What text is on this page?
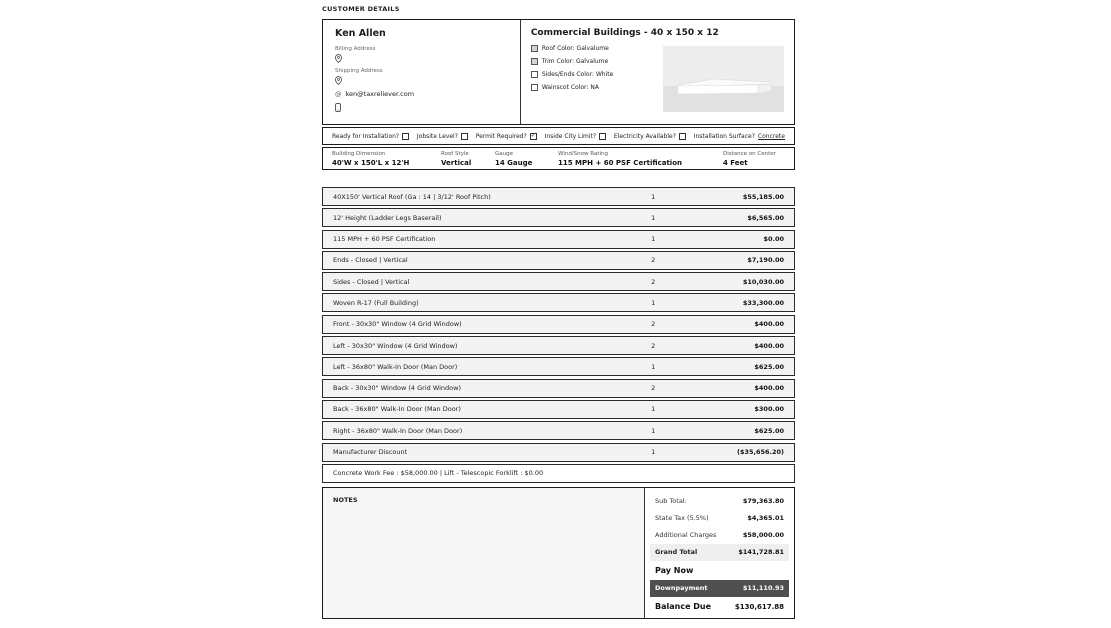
CUSTOMER DETAILS
Ken Allen
Billing Address
Shipping Address
@ ken@taxreliever.com
Commercial Buildings - 40 x 150 x 12
Roof Color: Galvalume
Trim Color: Galvalume
Sides/Ends Color: White
Wainscot Color: NA
Ready for Installation?	Jobsite Level?	Permit Required? ✓ Inside City Limit?	Electricity Available?	Installation Surface? Concrete
Building Dimension
40'W x 150'L x 12'H
Roof Style
Vertical
Gauge
14 Gauge
Wind/Snow Rating
115 MPH + 60 PSF Certification
Distance on Center
4 Feet
40X150' Vertical Roof (Ga : 14 | 3/12' Roof Pitch)	1	$55,185.00
12' Height (Ladder Legs Baserail)	1	$6,565.00
115 MPH + 60 PSF Certification	1	$0.00
Ends - Closed | Vertical	2	$7,190.00
Sides - Closed | Vertical	2	$10,030.00
Woven R-17 (Full Building)	1	$33,300.00
Front - 30x30" Window (4 Grid Window)	2	$400.00
Left - 30x30" Window (4 Grid Window)	2	$400.00
Left - 36x80" Walk-In Door (Man Door)	1	$625.00
Back - 30x30" Window (4 Grid Window)	2	$400.00
Back - 36x80" Walk-In Door (Man Door)	1	$300.00
Right - 36x80" Walk-In Door (Man Door)	1	$625.00
Manufacturer Discount	1	($35,656.20)
Concrete Work Fee : $58,000.00 | Lift - Telescopic Forklift : $0.00
NOTES	Sub Total:	$79,363.80
State Tax (5.5%)	$4,365.01
Additional Charges	$58,000.00
Grand Total	$141,728.81
Pay Now
Downpayment	$11,110.93
Balance Due	$130,617.88
